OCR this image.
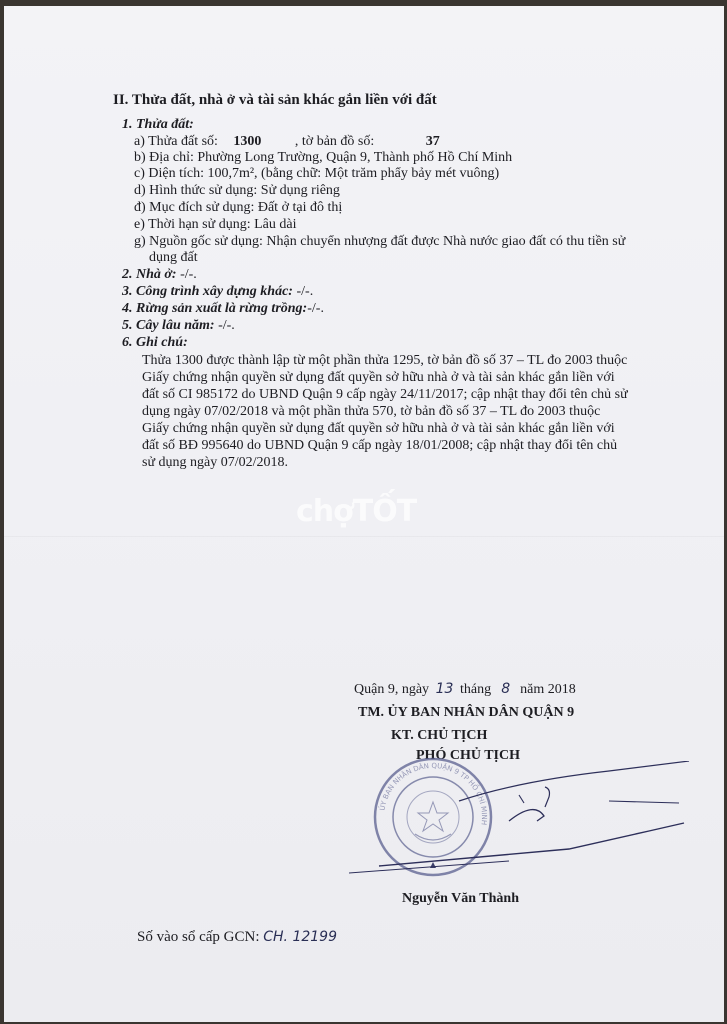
II. Thửa đất, nhà ở và tài sản khác gắn liền với đất
1. Thửa đất:
a) Thửa đất số: 1300 , tờ bản đồ số:	37
b) Địa chỉ: Phường Long Trường, Quận 9, Thành phố Hồ Chí Minh
c) Diện tích: 100,7m², (bằng chữ: Một trăm phẩy bảy mét vuông)
d) Hình thức sử dụng: Sử dụng riêng
đ) Mục đích sử dụng: Đất ở tại đô thị
e) Thời hạn sử dụng: Lâu dài
g) Nguồn gốc sử dụng: Nhận chuyển nhượng đất được Nhà nước giao đất có thu tiền sử
dụng đất
2. Nhà ở: -/-.
3. Công trình xây dựng khác: -/-.
4. Rừng sản xuất là rừng trồng:-/-.
5. Cây lâu năm: -/-.
6. Ghi chú:
Thửa 1300 được thành lập từ một phần thửa 1295, tờ bản đồ số 37 – TL đo 2003 thuộc
Giấy chứng nhận quyền sử dụng đất quyền sở hữu nhà ở và tài sản khác gắn liền với
đất số CI 985172 do UBND Quận 9 cấp ngày 24/11/2017; cập nhật thay đổi tên chủ sử
dụng ngày 07/02/2018 và một phần thửa 570, tờ bản đồ số 37 – TL đo 2003 thuộc
Giấy chứng nhận quyền sử dụng đất quyền sở hữu nhà ở và tài sản khác gắn liền với
đất số BĐ 995640 do UBND Quận 9 cấp ngày 18/01/2008; cập nhật thay đổi tên chủ
sử dụng ngày 07/02/2018.
chợTỐT
Quận 9, ngày 13 tháng 8 năm 2018
TM. ỦY BAN NHÂN DÂN QUẬN 9
KT. CHỦ TỊCH
PHÓ CHỦ TỊCH
ỦY BAN NHÂN DÂN QUẬN 9 TP HỒ CHÍ MINH
Nguyễn Văn Thành
Số vào sổ cấp GCN: CH. 12199
